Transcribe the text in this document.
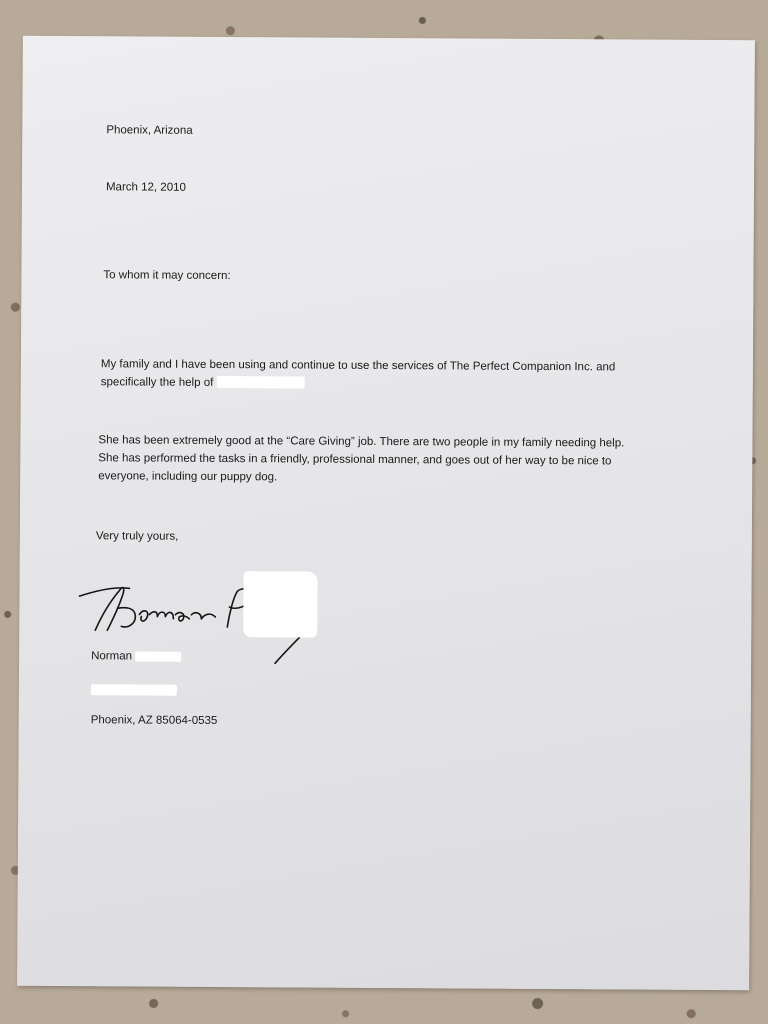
Phoenix, Arizona

March 12, 2010

To whom it may concern:

My family and I have been using and continue to use the services of The Perfect Companion Inc. and

specifically the help of

She has been extremely good at the “Care Giving” job. There are two people in my family needing help.

She has performed the tasks in a friendly, professional manner, and goes out of her way to be nice to

everyone, including our puppy dog.

Very truly yours,

Norman

Phoenix, AZ 85064-0535
